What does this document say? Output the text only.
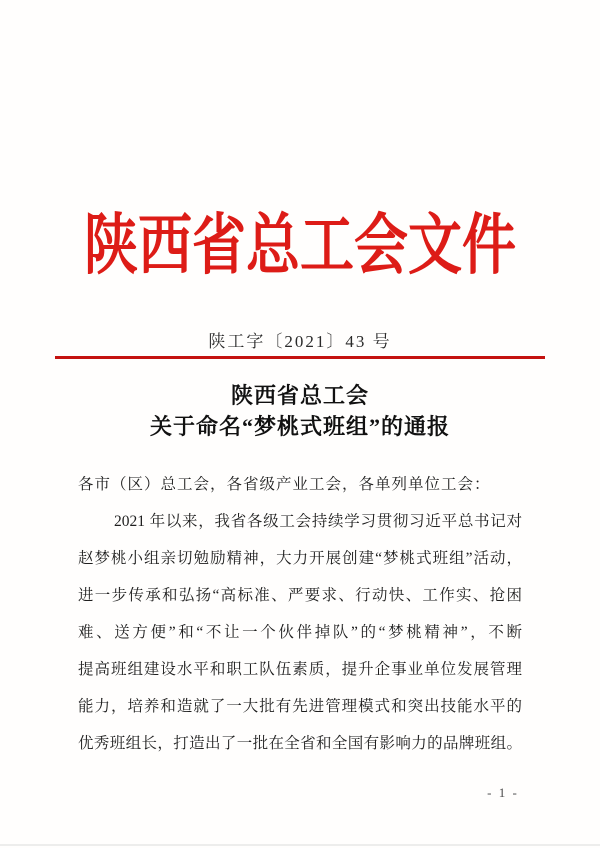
陕西省总工会文件
陕工字〔2021〕43 号
陕西省总工会
关于命名“梦桃式班组”的通报
各市（区）总工会，各省级产业工会，各单列单位工会：
2021 年以来，我省各级工会持续学习贯彻习近平总书记对
赵梦桃小组亲切勉励精神，大力开展创建“梦桃式班组”活动，
进一步传承和弘扬“高标准、严要求、行动快、工作实、抢困
难、送方便”和“不让一个伙伴掉队”的“梦桃精神”，不断
提高班组建设水平和职工队伍素质，提升企事业单位发展管理
能力，培养和造就了一大批有先进管理模式和突出技能水平的
优秀班组长，打造出了一批在全省和全国有影响力的品牌班组。
- 1 -
